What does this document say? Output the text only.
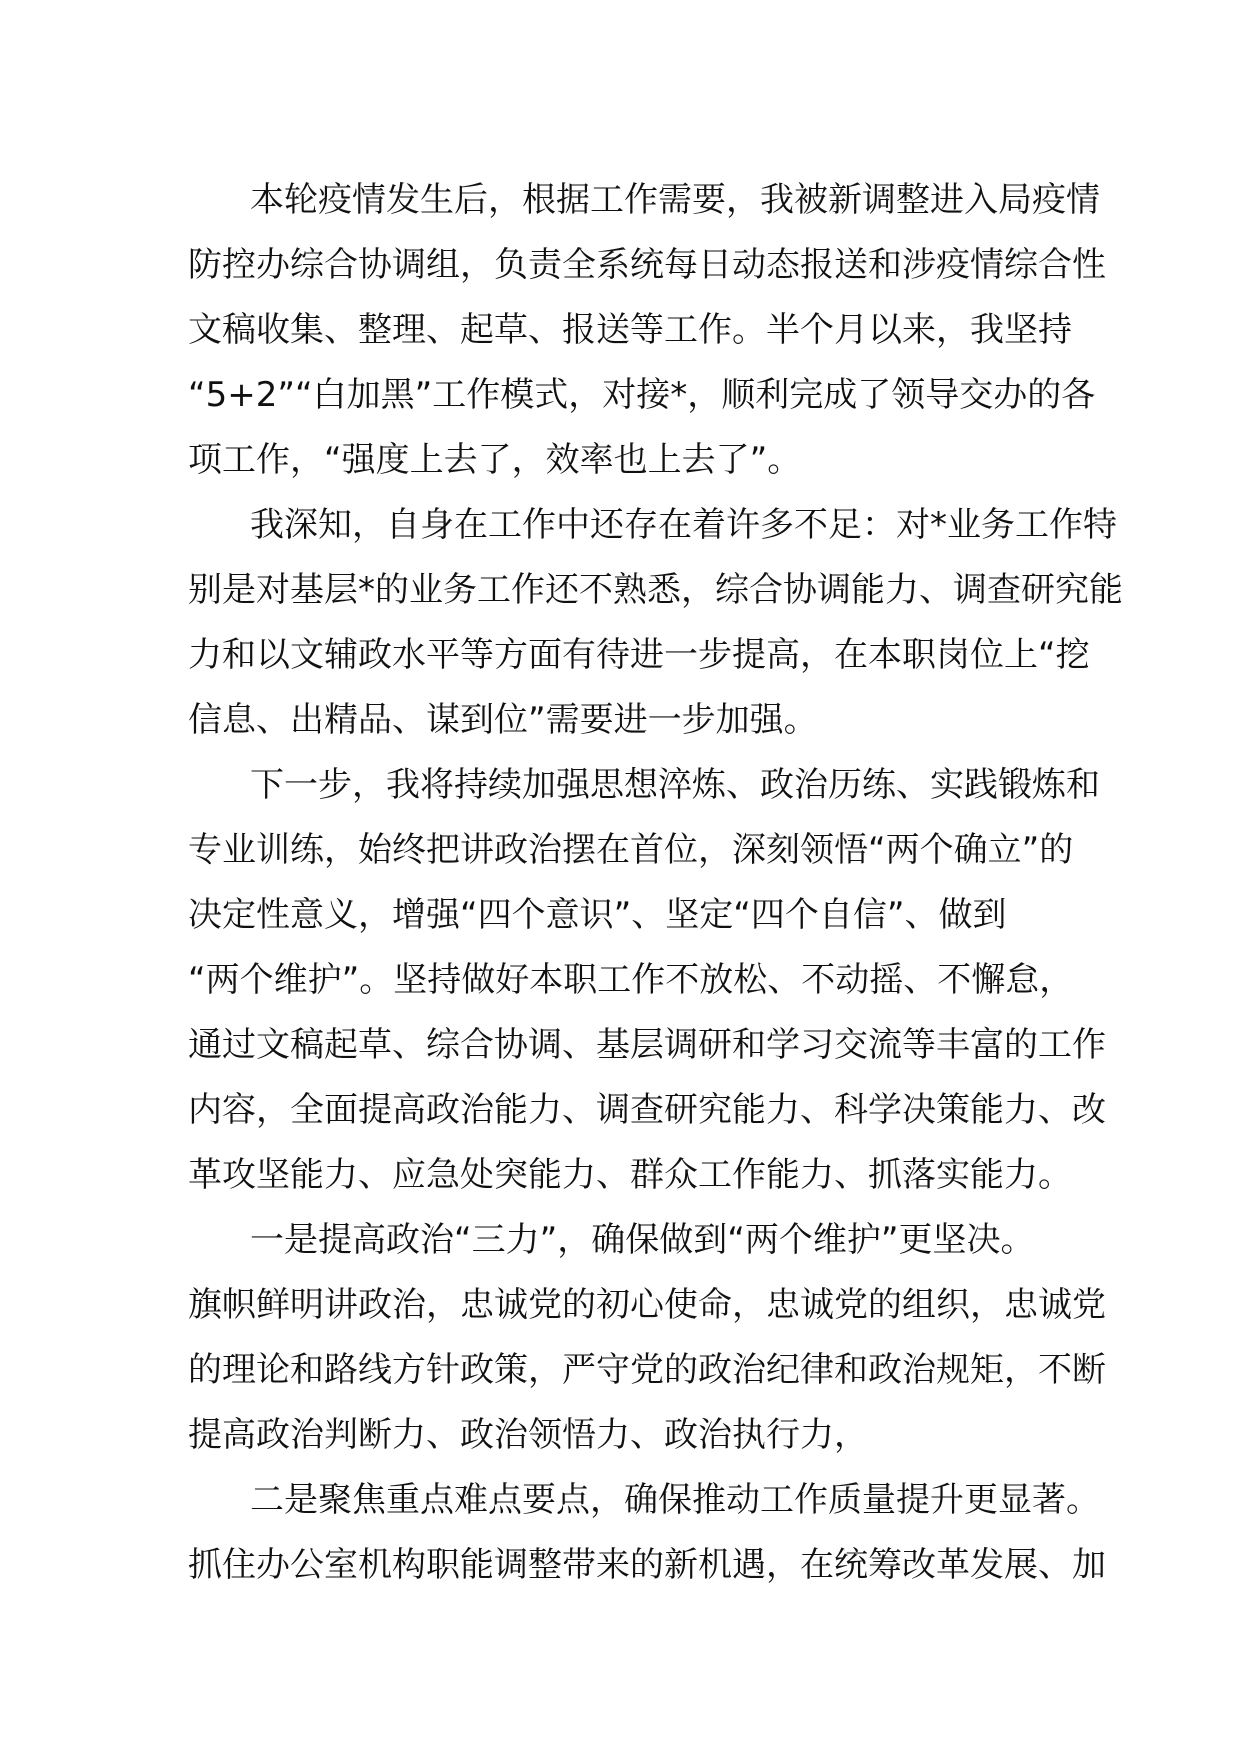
本轮疫情发生后，根据工作需要，我被新调整进入局疫情
防控办综合协调组，负责全系统每日动态报送和涉疫情综合性
文稿收集、整理、起草、报送等工作。半个月以来，我坚持
“5+2”“白加黑”工作模式，对接*，顺利完成了领导交办的各
项工作，“强度上去了，效率也上去了”。
我深知，自身在工作中还存在着许多不足：对*业务工作特
别是对基层*的业务工作还不熟悉，综合协调能力、调查研究能
力和以文辅政水平等方面有待进一步提高，在本职岗位上“挖
信息、出精品、谋到位”需要进一步加强。
下一步，我将持续加强思想淬炼、政治历练、实践锻炼和
专业训练，始终把讲政治摆在首位，深刻领悟“两个确立”的
决定性意义，增强“四个意识”、坚定“四个自信”、做到
“两个维护”。坚持做好本职工作不放松、不动摇、不懈怠，
通过文稿起草、综合协调、基层调研和学习交流等丰富的工作
内容，全面提高政治能力、调查研究能力、科学决策能力、改
革攻坚能力、应急处突能力、群众工作能力、抓落实能力。
一是提高政治“三力”，确保做到“两个维护”更坚决。
旗帜鲜明讲政治，忠诚党的初心使命，忠诚党的组织，忠诚党
的理论和路线方针政策，严守党的政治纪律和政治规矩，不断
提高政治判断力、政治领悟力、政治执行力，
二是聚焦重点难点要点，确保推动工作质量提升更显著。
抓住办公室机构职能调整带来的新机遇，在统筹改革发展、加
